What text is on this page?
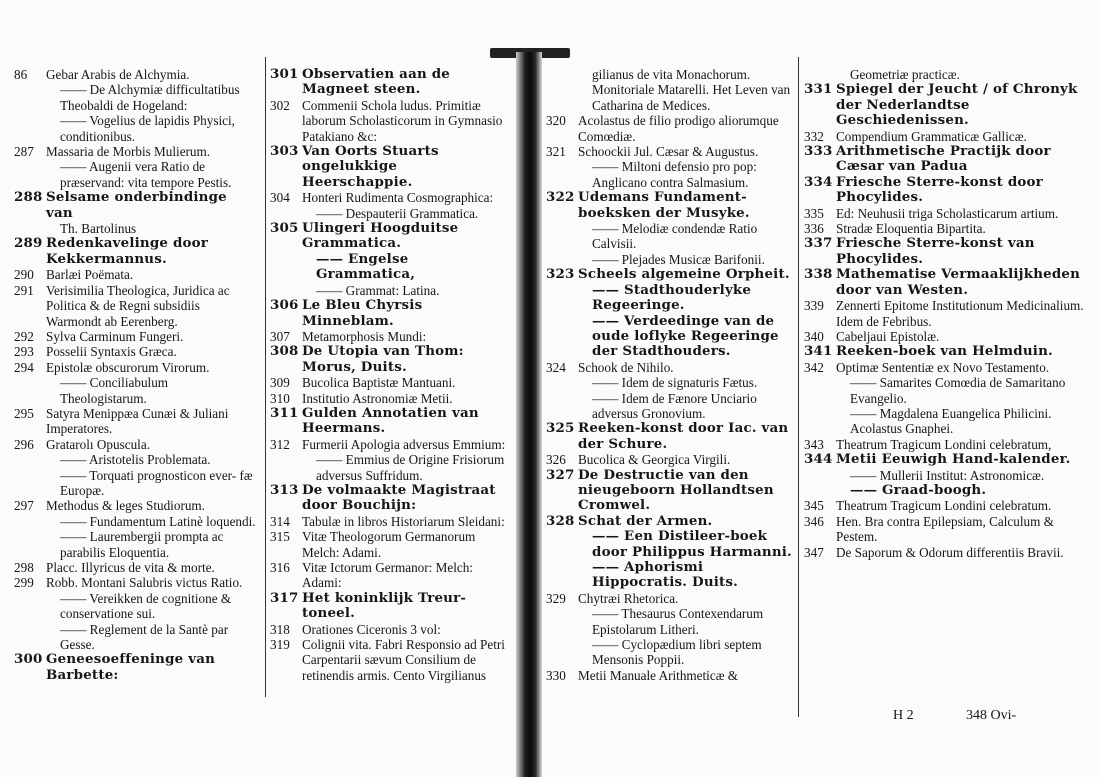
86	Gebar Arabis de Alchymia.
—— De Alchymiæ difficultatibus Theobaldi de Hogeland:
—— Vogelius de lapidis Physici, conditionibus.
287 Massaria de Morbis Mulierum.
—— Augenii vera Ratio de præservand: vita tempore Pestis.
288 Selsame onderbindinge van
Th. Bartolinus
289 Redenkavelinge door Kekkermannus.
290 Barlæi Poëmata.
291 Verisimilia Theologica, Juridica ac Politica & de Regni subsidiis Warmondt ab Eerenberg.
292 Sylva Carminum Fungeri.
293 Posselii Syntaxis Græca.
294 Epistolæ obscurorum Virorum.
—— Conciliabulum Theologistarum.
295 Satyra Menippæa Cunæi & Juliani Imperatores.
296 Gratarolı Opuscula.
—— Aristotelis Problemata.
—— Torquati prognosticon ever- fæ Europæ.
297 Methodus & leges Studiorum.
—— Fundamentum Latinè loquendi.
—— Laurembergii prompta ac parabilis Eloquentia.
298 Placc. Illyricus de vita & morte.
299 Robb. Montani Salubris victus Ratio.
—— Vereikken de cognitione & conservatione sui.
—— Reglement de la Santè par Gesse.
300 Geneesoeffeninge van Barbette:
301 Observatien aan de Magneet steen.
302 Commenii Schola ludus. Primitiæ laborum Scholasticorum in Gymnasio Patakiano &c:
303 Van Oorts Stuarts ongelukkige Heerschappie.
304 Honteri Rudimenta Cosmographica:
—— Despauterii Grammatica.
305 Ulingeri Hoogduitse Grammatica.
—— Engelse Grammatica,
—— Grammat: Latina.
306 Le Bleu Chyrsis Minneblam.
307 Metamorphosis Mundi:
308 De Utopia van Thom: Morus, Duits.
309 Bucolica Baptistæ Mantuani.
310 Institutio Astronomiæ Metii.
311 Gulden Annotatien van Heermans.
312 Furmerii Apologia adversus Emmium:
—— Emmius de Origine Frisiorum adversus Suffridum.
313 De volmaakte Magistraat door Bouchijn:
314 Tabulæ in libros Historiarum Sleidani:
315 Vitæ Theologorum Germanorum Melch: Adami.
316 Vitæ Ictorum Germanor: Melch: Adami:
317 Het koninklijk Treur-toneel.
318 Orationes Ciceronis 3 vol:
319 Colignii vita. Fabri Responsio ad Petri Carpentarii sævum Consilium de retinendis armis. Cento Virgilianus
gilianus de vita Monachorum. Monitoriale Matarelli. Het Leven van Catharina de Medices.
320 Acolastus de filio prodigo aliorumque Comœdiæ.
321 Schoockii Jul. Cæsar & Augustus.
—— Miltoni defensio pro pop: Anglicano contra Salmasium.
322 Udemans Fundament-boeksken der Musyke.
—— Melodiæ condendæ Ratio Calvisii.
—— Plejades Musicæ Barifonii.
323 Scheels algemeine Orpheit.
—— Stadthouderlyke Regeeringe.
—— Verdeedinge van de oude loflyke Regeeringe der Stadthouders.
324 Schook de Nihilo.
—— Idem de signaturis Fætus.
—— Idem de Fænore Unciario adversus Gronovium.
325 Reeken-konst door Iac. van der Schure.
326 Bucolica & Georgica Virgili.
327 De Destructie van den nieugeboorn Hollandtsen Cromwel.
328 Schat der Armen.
—— Een Distileer-boek door Philippus Harmanni.
—— Aphorismi Hippocratis. Duits.
329 Chytræi Rhetorica.
—— Thesaurus Contexendarum Epistolarum Litheri.
—— Cyclopædium libri septem Mensonis Poppii.
330 Metii Manuale Arithmeticæ &
Geometriæ practicæ.
331 Spiegel der Jeucht / of Chronyk der Nederlandtse Geschiedenissen.
332 Compendium Grammaticæ Gallicæ.
333 Arithmetische Practijk door Cæsar van Padua
334 Friesche Sterre-konst door Phocylides.
335 Ed: Neuhusii triga Scholasticarum artium.
336 Stradæ Eloquentia Bipartita.
337 Friesche Sterre-konst van Phocylides.
338 Mathematise Vermaaklijkheden door van Westen.
339 Zennerti Epitome Institutionum Medicinalium. Idem de Febribus.
340 Cabeljaui Epistolæ.
341 Reeken-boek van Helmduin.
342 Optimæ Sententiæ ex Novo Testamento.
—— Samarites Comœdia de Samaritano Evangelio.
—— Magdalena Euangelica Philicini. Acolastus Gnaphei.
343 Theatrum Tragicum Londini celebratum,
344 Metii Eeuwigh Hand-kalender.
—— Mullerii Institut: Astronomicæ.
—— Graad-boogh.
345 Theatrum Tragicum Londini celebratum.
346 Hen. Bra contra Epilepsiam, Calculum & Pestem.
347 De Saporum & Odorum differentiis Bravii.
H 2	348 Ovi-
